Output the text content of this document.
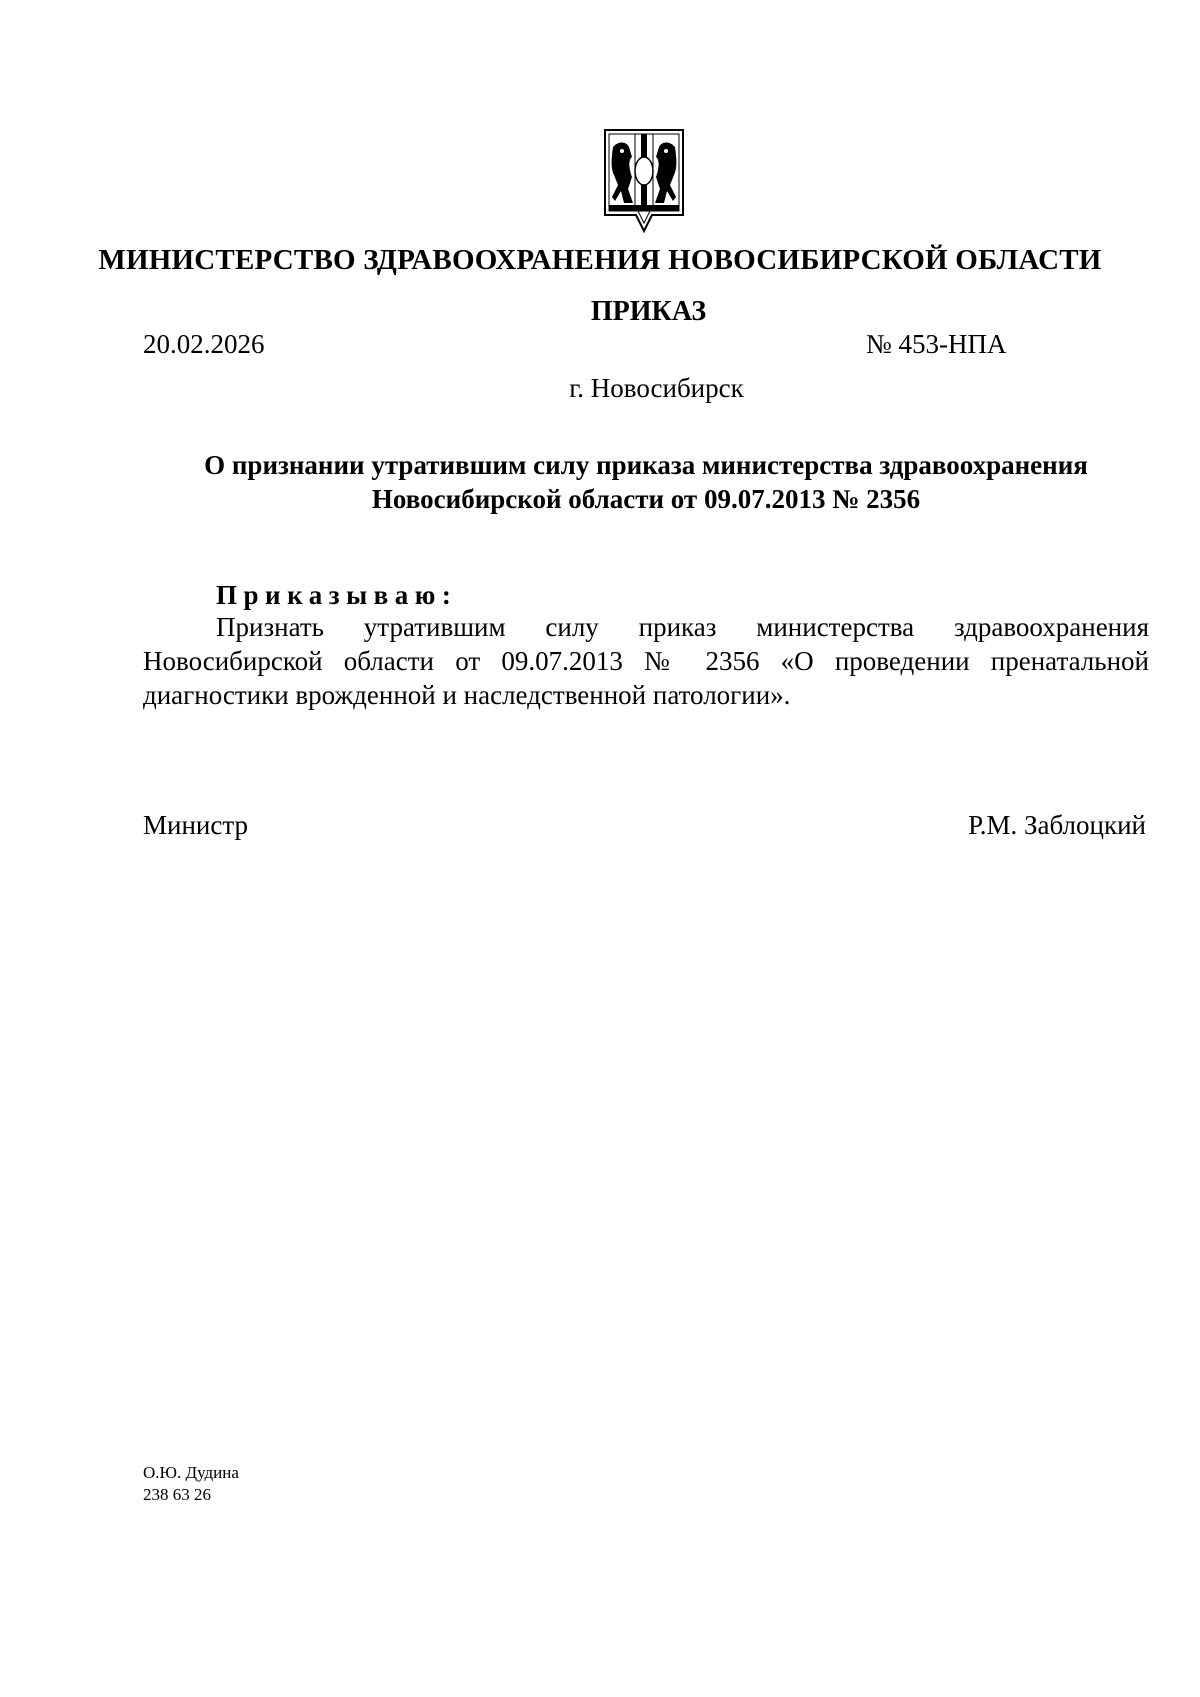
МИНИСТЕРСТВО ЗДРАВООХРАНЕНИЯ НОВОСИБИРСКОЙ ОБЛАСТИ
ПРИКАЗ
20.02.2026	№ 453-НПА
г. Новосибирск
О признании утратившим силу приказа министерства здравоохранения
Новосибирской области от 09.07.2013 № 2356
Приказываю:
Признать утратившим силу приказ министерства здравоохранения Новосибирской области от 09.07.2013 № 2356 «О проведении пренатальной диагностики врожденной и наследственной патологии».
Министр	Р.М. Заблоцкий
О.Ю. Дудина
238 63 26
